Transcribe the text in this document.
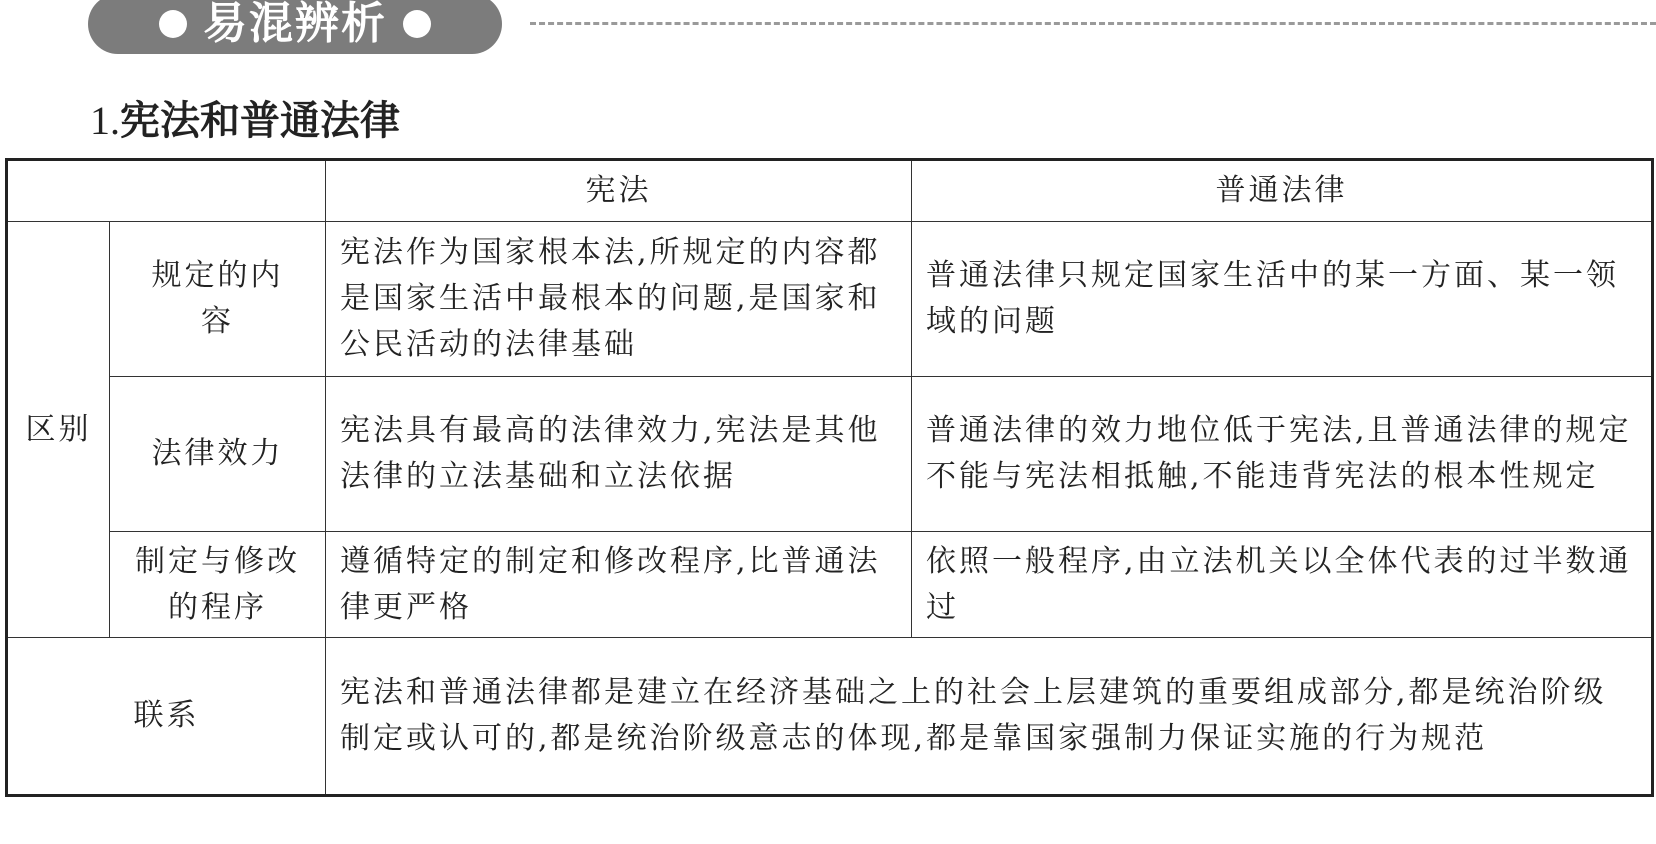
易混辨析
1.宪法和普通法律
		宪法	普通法律
区别	规定的内容	宪法作为国家根本法,所规定的内容都是国家生活中最根本的问题,是国家和公民活动的法律基础	普通法律只规定国家生活中的某一方面、某一领域的问题
	法律效力	宪法具有最高的法律效力,宪法是其他法律的立法基础和立法依据	普通法律的效力地位低于宪法,且普通法律的规定不能与宪法相抵触,不能违背宪法的根本性规定

	制定与修改的程序	遵循特定的制定和修改程序,比普通法律更严格	依照一般程序,由立法机关以全体代表的过半数通过
联系		宪法和普通法律都是建立在经济基础之上的社会上层建筑的重要组成部分,都是统治阶级制定或认可的,都是统治阶级意志的体现,都是靠国家强制力保证实施的行为规范	
